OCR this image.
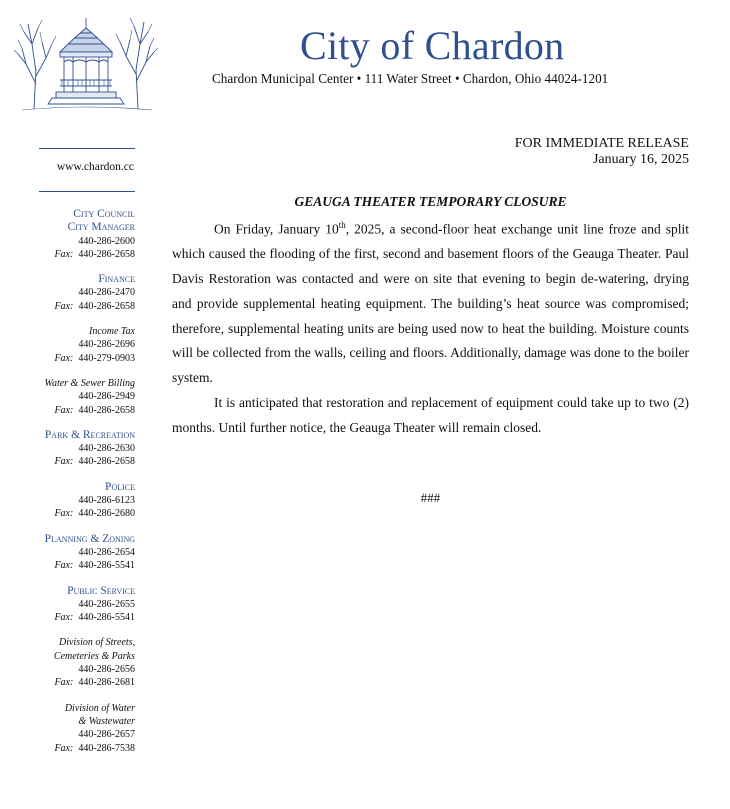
City of Chardon
Chardon Municipal Center • 111 Water Street • Chardon, Ohio 44024-1201
www.chardon.cc
City Council
City Manager
440-286-2600
Fax: 440-286-2658
Finance
440-286-2470
Fax: 440-286-2658
Income Tax
440-286-2696
Fax: 440-279-0903
Water & Sewer Billing
440-286-2949
Fax: 440-286-2658
Park & Recreation
440-286-2630
Fax: 440-286-2658
Police
440-286-6123
Fax: 440-286-2680
Planning & Zoning
440-286-2654
Fax: 440-286-5541
Public Service
440-286-2655
Fax: 440-286-5541
Division of Streets,
Cemeteries & Parks
440-286-2656
Fax: 440-286-2681
Division of Water
& Wastewater
440-286-2657
Fax: 440-286-7538
FOR IMMEDIATE RELEASE
January 16, 2025
GEAUGA THEATER TEMPORARY CLOSURE

On Friday, January 10th, 2025, a second-floor heat exchange unit line froze and split which caused the flooding of the first, second and basement floors of the Geauga Theater. Paul Davis Restoration was contacted and were on site that evening to begin de-watering, drying and provide supplemental heating equipment. The building’s heat source was compromised; therefore, supplemental heating units are being used now to heat the building. Moisture counts will be collected from the walls, ceiling and floors. Additionally, damage was done to the boiler system.

It is anticipated that restoration and replacement of equipment could take up to two (2) months. Until further notice, the Geauga Theater will remain closed.

###
